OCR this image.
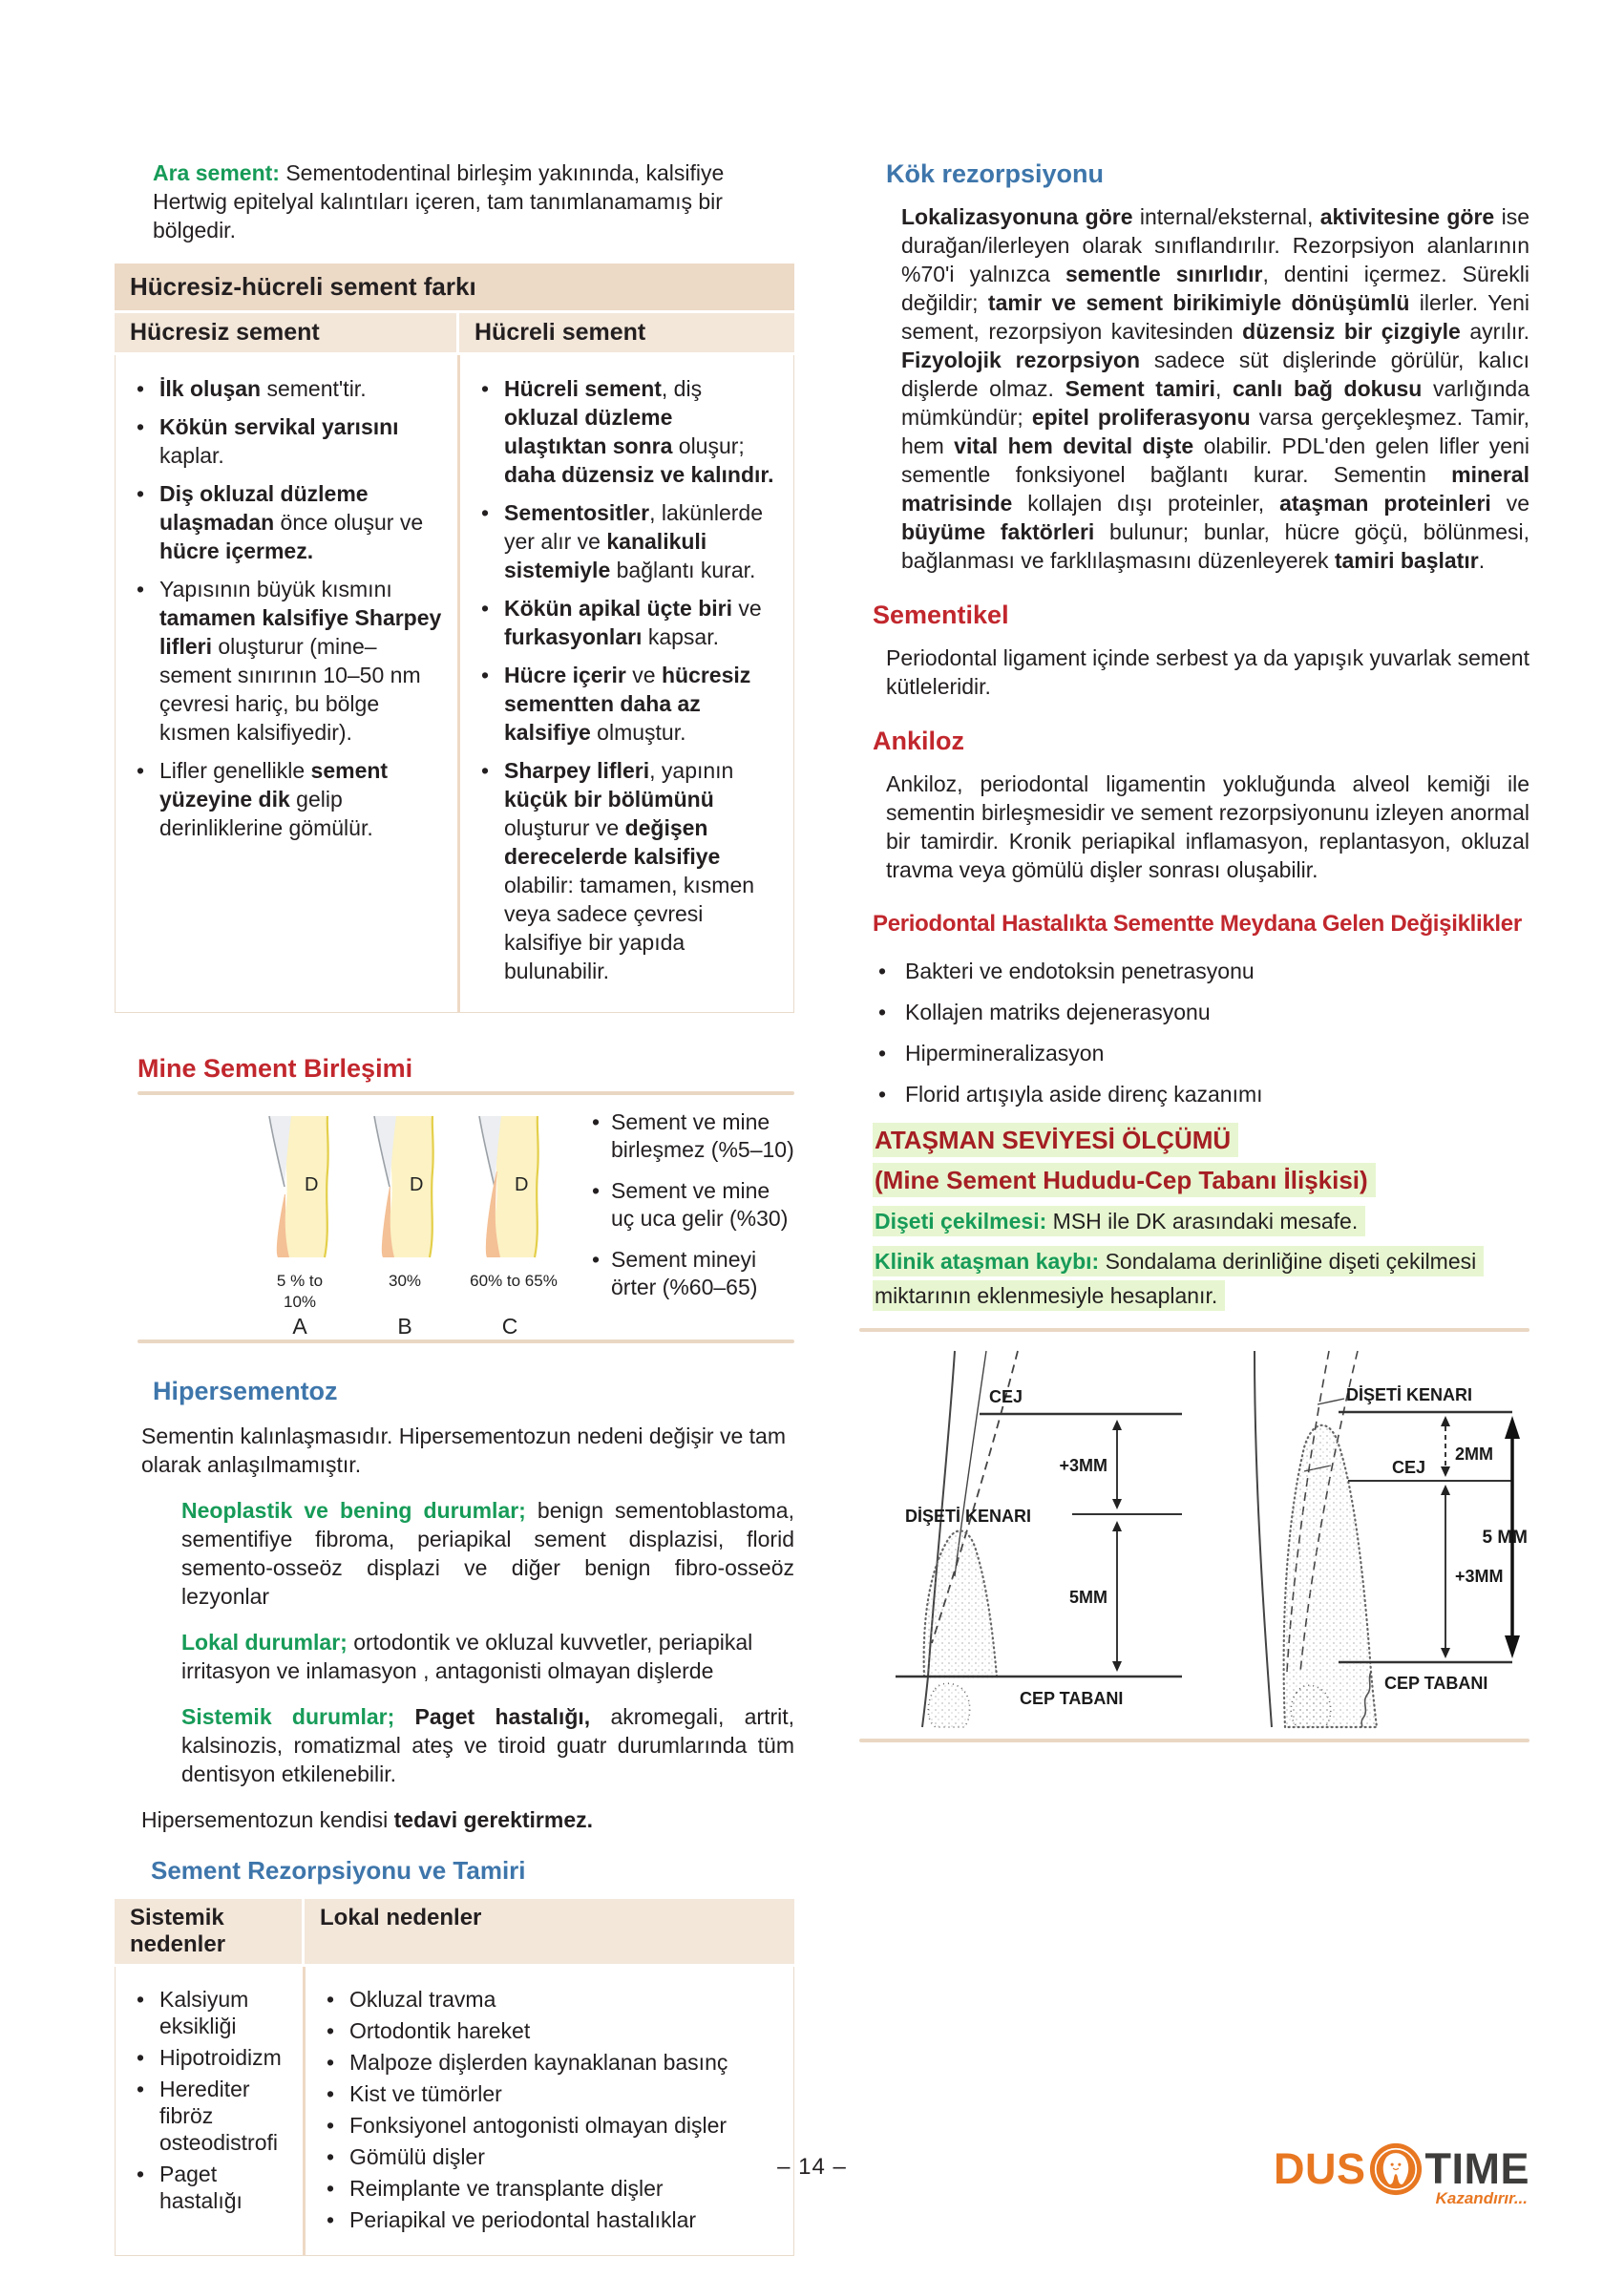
Ara sement: Sementodentinal birleşim yakınında, kalsifiye Hertwig epitelyal kalıntıları içeren, tam tanımlanamamış bir bölgedir.

Hücresiz-hücreli sement farkı
Hücresiz sement	Hücreli sement
• İlk oluşan sement'tir.
• Kökün servikal yarısını kaplar.
• Diş okluzal düzleme ulaşmadan önce oluşur ve hücre içermez.
• Yapısının büyük kısmını tamamen kalsifiye Sharpey lifleri oluşturur (mine–sement sınırının 10–50 nm çevresi hariç, bu bölge kısmen kalsifiyedir).
• Lifler genellikle sement yüzeyine dik gelip derinliklerine gömülür.
• Hücreli sement, diş okluzal düzleme ulaştıktan sonra oluşur; daha düzensiz ve kalındır.
• Sementositler, lakünlerde yer alır ve kanalikuli sistemiyle bağlantı kurar.
• Kökün apikal üçte biri ve furkasyonları kapsar.
• Hücre içerir ve hücresiz sementten daha az kalsifiye olmuştur.
• Sharpey lifleri, yapının küçük bir bölümünü oluşturur ve değişen derecelerde kalsifiye olabilir: tamamen, kısmen veya sadece çevresi kalsifiye bir yapıda bulunabilir.
Mine Sement Birleşimi
D
5 % to
10%
A
D
30%
B
D
60% to 65%
C
• Sement ve mine birleşmez (%5–10)
• Sement ve mine uç uca gelir (%30)
• Sement mineyi örter (%60–65)
Hipersementoz

Sementin kalınlaşmasıdır. Hipersementozun nedeni değişir ve tam olarak anlaşılmamıştır.

Neoplastik ve bening durumlar; benign sementoblastoma, sementifiye fibroma, periapikal sement displazisi, florid semento-osseöz displazi ve diğer benign fibro-osseöz lezyonlar

Lokal durumlar; ortodontik ve okluzal kuvvetler, periapikal irritasyon ve inlamasyon , antagonisti olmayan dişlerde

Sistemik durumlar; Paget hastalığı, akromegali, artrit, kalsinozis, romatizmal ateş ve tiroid guatr durumlarında tüm dentisyon etkilenebilir.

Hipersementozun kendisi tedavi gerektirmez.

Sement Rezorpsiyonu ve Tamiri
Sistemik nedenler
Lokal nedenler
• Kalsiyum eksikliği
• Hipotroidizm
• Herediter fibröz osteodistrofi
• Paget hastalığı
• Okluzal travma
• Ortodontik hareket
• Malpoze dişlerden kaynaklanan basınç
• Kist ve tümörler
• Fonksiyonel antogonisti olmayan dişler
• Gömülü dişler
• Reimplante ve transplante dişler
• Periapikal ve periodontal hastalıklar
Kök rezorpsiyonu

Lokalizasyonuna göre internal/eksternal, aktivitesine göre ise durağan/ilerleyen olarak sınıflandırılır. Rezorpsiyon alanlarının %70'i yalnızca sementle sınırlıdır, dentini içermez. Sürekli değildir; tamir ve sement birikimiyle dönüşümlü ilerler. Yeni sement, rezorpsiyon kavitesinden düzensiz bir çizgiyle ayrılır. Fizyolojik rezorpsiyon sadece süt dişlerinde görülür, kalıcı dişlerde olmaz. Sement tamiri, canlı bağ dokusu varlığında mümkündür; epitel proliferasyonu varsa gerçekleşmez. Tamir, hem vital hem devital dişte olabilir. PDL'den gelen lifler yeni sementle fonksiyonel bağlantı kurar. Sementin mineral matrisinde kollajen dışı proteinler, ataşman proteinleri ve büyüme faktörleri bulunur; bunlar, hücre göçü, bölünmesi, bağlanması ve farklılaşmasını düzenleyerek tamiri başlatır.

Sementikel

Periodontal ligament içinde serbest ya da yapışık yuvarlak sement kütleleridir.

Ankiloz

Ankiloz, periodontal ligamentin yokluğunda alveol kemiği ile sementin birleşmesidir ve sement rezorpsiyonunu izleyen anormal bir tamirdir. Kronik periapikal inflamasyon, replantasyon, okluzal travma veya gömülü dişler sonrası oluşabilir.

Periodontal Hastalıkta Sementte Meydana Gelen Değişiklikler
• Bakteri ve endotoksin penetrasyonu
• Kollajen matriks dejenerasyonu
• Hipermineralizasyon
• Florid artışıyla aside direnç kazanımı
ATAŞMAN SEVİYESİ ÖLÇÜMÜ
(Mine Sement Hududu-Cep Tabanı İlişkisi)
Dişeti çekilmesi: MSH ile DK arasındaki mesafe.
Klinik ataşman kaybı: Sondalama derinliğine dişeti çekilmesi miktarının eklenmesiyle hesaplanır.
CEJ
DİŞETİ KENARI
CEP TABANI
+3MM
5MM
DİŞETİ KENARI
CEJ
CEP TABANI
2MM
+3MM
5 MM
– 14 –	DUS TIME
Kazandırır...
